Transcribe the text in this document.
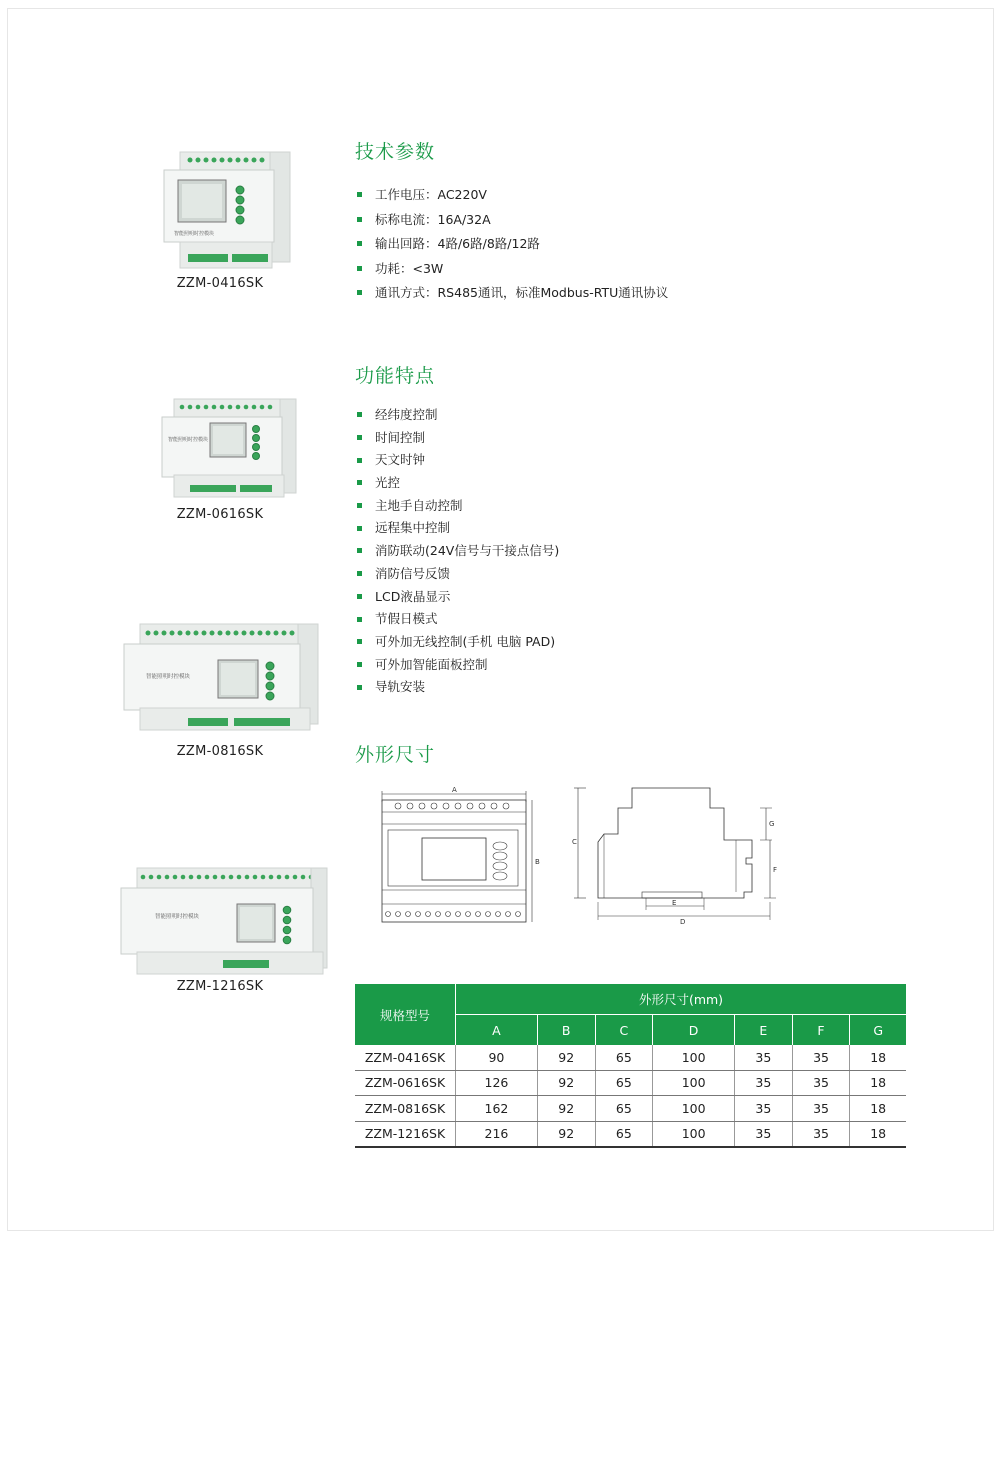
智能照明时控模块
ZZM-0416SK
智能照明时控模块
ZZM-0616SK
智能照明时控模块
ZZM-0816SK
智能照明时控模块
ZZM-1216SK
技术参数
工作电压：AC220V
标称电流：16A/32A
输出回路：4路/6路/8路/12路
功耗：<3W
通讯方式：RS485通讯，标准Modbus-RTU通讯协议
功能特点
经纬度控制
时间控制
天文时钟
光控
主地手自动控制
远程集中控制
消防联动(24V信号与干接点信号)
消防信号反馈
LCD液晶显示
节假日模式
可外加无线控制(手机 电脑 PAD)
可外加智能面板控制
导轨安装
外形尺寸
A
B
C
E
D
G
F
规格型号	外形尺寸(mm)						
	A	B	C	D	E	F	G
ZZM-0416SK	90	92	65	100	35	35	18
ZZM-0616SK	126	92	65	100	35	35	18
ZZM-0816SK	162	92	65	100	35	35	18
ZZM-1216SK	216	92	65	100	35	35	18
